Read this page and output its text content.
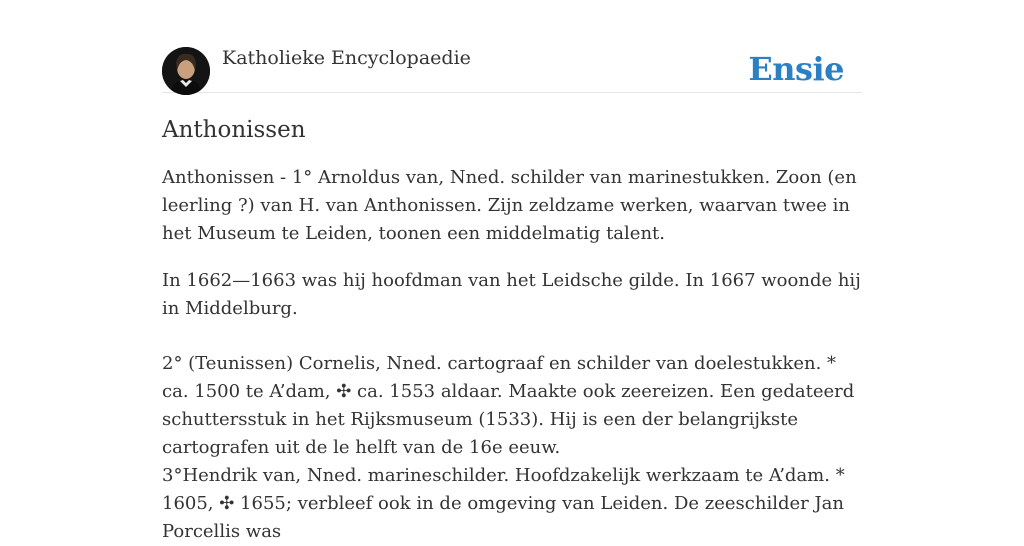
Katholieke Encyclopaedie	Ensie
Anthonissen

Anthonissen - 1° Arnoldus van, Nned. schilder van marinestukken. Zoon (en leerling ?) van H. van Anthonissen. Zijn zeldzame werken, waarvan twee in het Museum te Leiden, toonen een middelmatig talent.

In 1662—1663 was hij hoofdman van het Leidsche gilde. In 1667 woonde hij in Middelburg.

2° (Teunissen) Cornelis, Nned. cartograaf en schilder van doelestukken. * ca. 1500 te A’dam, ✣ ca. 1553 aldaar. Maakte ook zeereizen. Een gedateerd schuttersstuk in het Rijksmuseum (1533). Hij is een der belangrijkste cartografen uit de le helft van de 16e eeuw.
3°Hendrik van, Nned. marineschilder. Hoofdzakelijk werkzaam te A’dam. * 1605, ✣ 1655; verbleef ook in de omgeving van Leiden. De zeeschilder Jan Porcellis was
